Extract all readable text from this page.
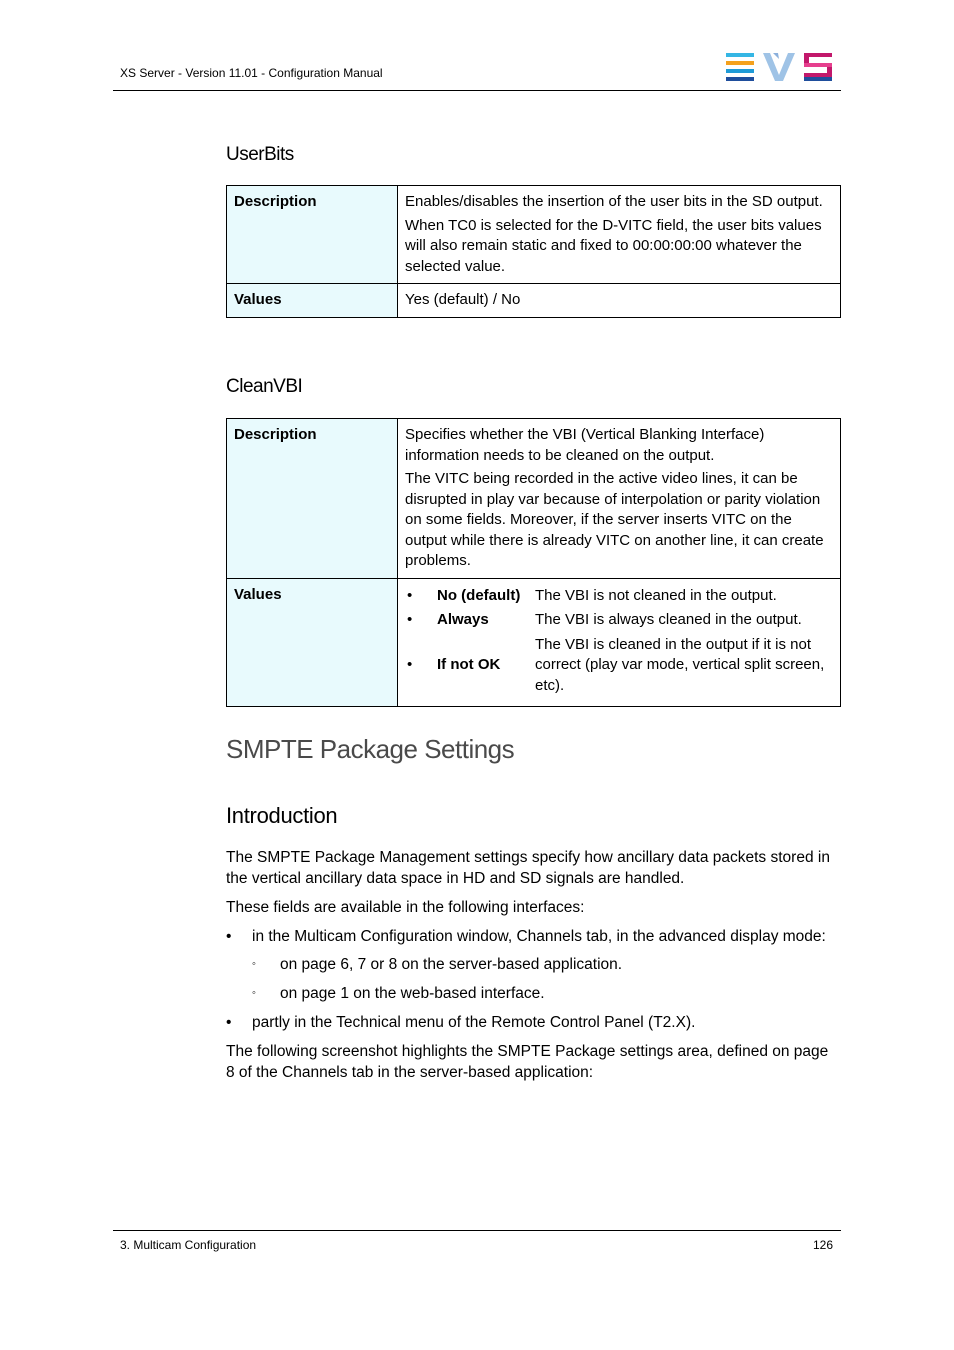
XS Server - Version 11.01 - Configuration Manual
UserBits
Description	Enables/disables the insertion of the user bits in the SD output.

When TC0 is selected for the D-VITC field, the user bits values will also remain static and fixed to 00:00:00:00 whatever the selected value.

Values	Yes (default) / No
CleanVBI
Description	Specifies whether the VBI (Vertical Blanking Interface) information needs to be cleaned on the output.

The VITC being recorded in the active video lines, it can be disrupted in play var because of interpolation or parity violation on some fields. Moreover, if the server inserts VITC on the output while there is already VITC on another line, it can create problems.

Values		•	No (default)	The VBI is not cleaned in the output.
•	Always	The VBI is always cleaned in the output.
•	If not OK	The VBI is cleaned in the output if it is not correct (play var mode, vertical split screen, etc).
SMPTE Package Settings
Introduction
The SMPTE Package Management settings specify how ancillary data packets stored in the vertical ancillary data space in HD and SD signals are handled.
These fields are available in the following interfaces:
• in the Multicam Configuration window, Channels tab, in the advanced display mode:
◦ on page 6, 7 or 8 on the server-based application.
◦ on page 1 on the web-based interface.
• partly in the Technical menu of the Remote Control Panel (T2.X).
The following screenshot highlights the SMPTE Package settings area, defined on page 8 of the Channels tab in the server-based application:
3. Multicam Configuration	126
